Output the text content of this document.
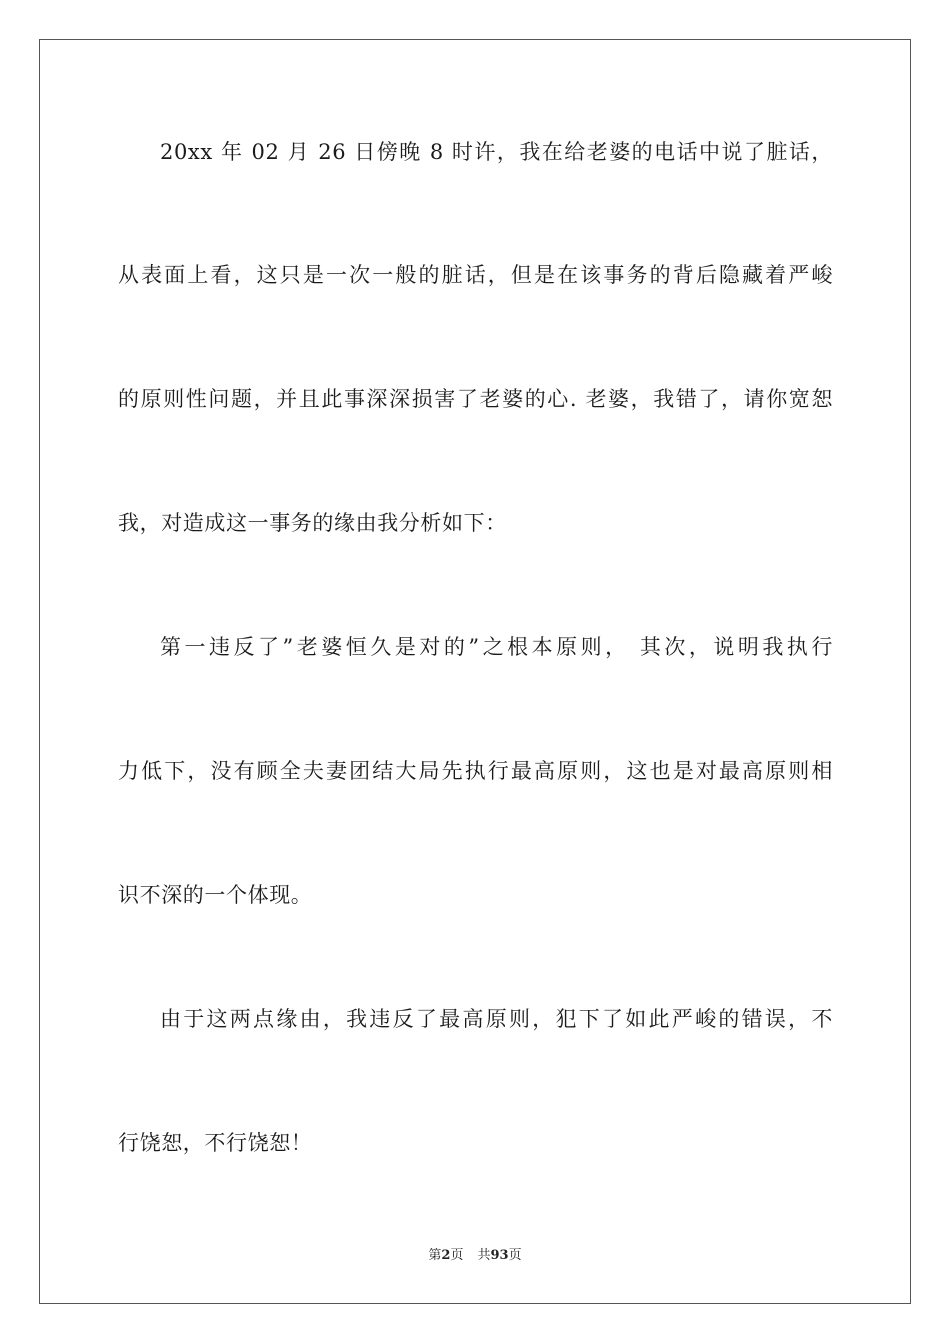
20xx 年 02 月 26 日傍晚 8 时许，我在给老婆的电话中说了脏话，
从表面上看，这只是一次一般的脏话，但是在该事务的背后隐藏着严峻
的原则性问题，并且此事深深损害了老婆的心. 老婆，我错了，请你宽恕
我，对造成这一事务的缘由我分析如下：
第一违反了”老婆恒久是对的”之根本原则， 其次，说明我执行
力低下，没有顾全夫妻团结大局先执行最高原则，这也是对最高原则相
识不深的一个体现。
由于这两点缘由，我违反了最高原则，犯下了如此严峻的错误，不
行饶恕，不行饶恕！
第2页 共93页
